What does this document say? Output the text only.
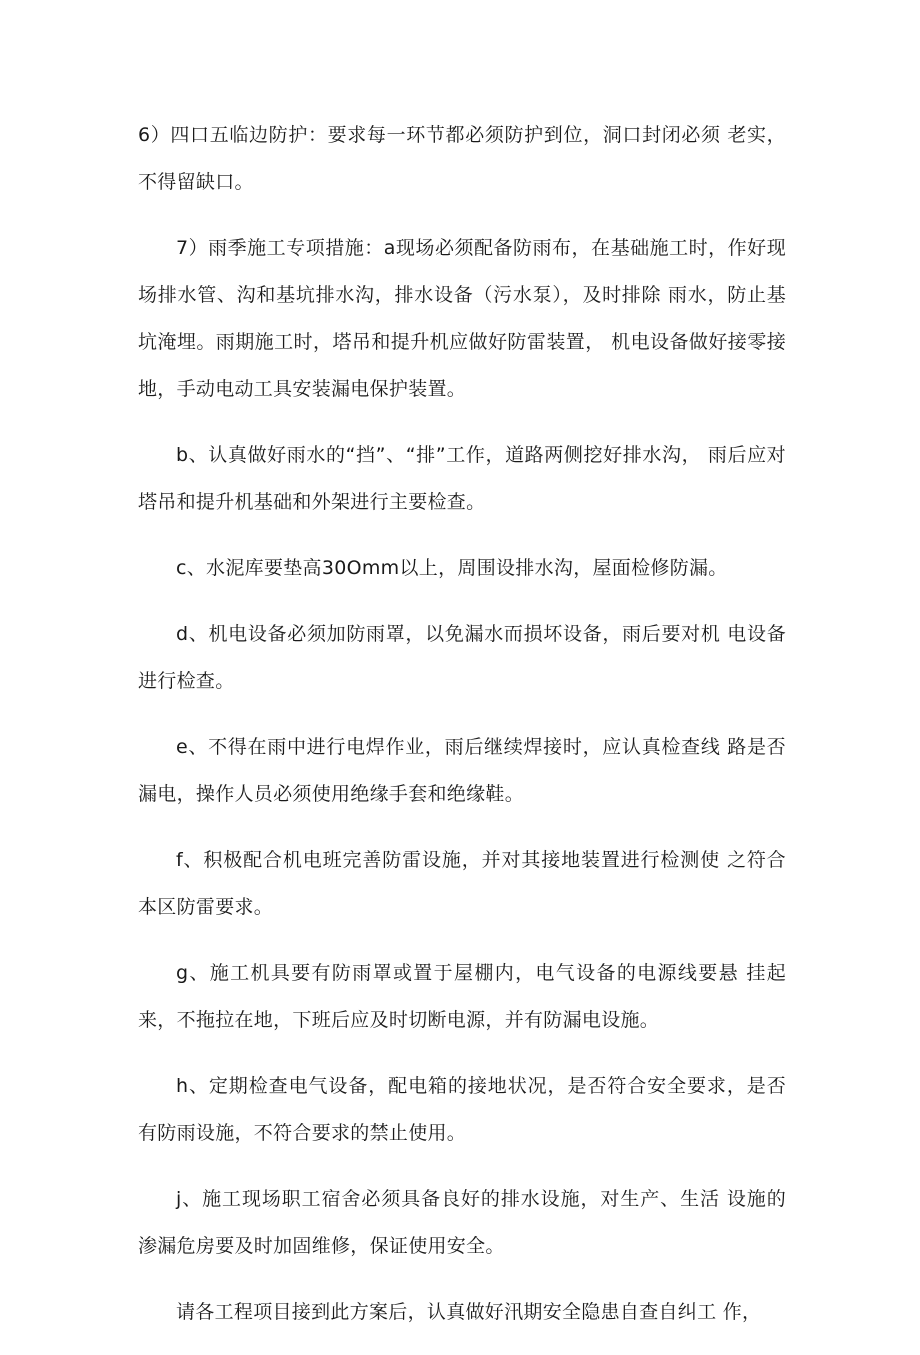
6）四口五临边防护：要求每一环节都必须防护到位，洞口封闭必须 老实，不得留缺口。

7）雨季施工专项措施：a现场必须配备防雨布，在基础施工时，作好现场排水管、沟和基坑排水沟，排水设备（污水泵），及时排除 雨水，防止基坑淹埋。雨期施工时，塔吊和提升机应做好防雷装置， 机电设备做好接零接地，手动电动工具安装漏电保护装置。

b、认真做好雨水的“挡”、“排”工作，道路两侧挖好排水沟， 雨后应对塔吊和提升机基础和外架进行主要检查。

c、水泥库要垫高30Omm以上，周围设排水沟，屋面检修防漏。

d、机电设备必须加防雨罩，以免漏水而损坏设备，雨后要对机 电设备进行检查。

e、不得在雨中进行电焊作业，雨后继续焊接时，应认真检查线 路是否漏电，操作人员必须使用绝缘手套和绝缘鞋。

f、积极配合机电班完善防雷设施，并对其接地装置进行检测使 之符合本区防雷要求。

g、施工机具要有防雨罩或置于屋棚内，电气设备的电源线要悬 挂起来，不拖拉在地，下班后应及时切断电源，并有防漏电设施。

h、定期检查电气设备，配电箱的接地状况，是否符合安全要求，是否有防雨设施，不符合要求的禁止使用。

j、施工现场职工宿舍必须具备良好的排水设施，对生产、生活 设施的渗漏危房要及时加固维修，保证使用安全。

请各工程项目接到此方案后，认真做好汛期安全隐患自查自纠工 作，
